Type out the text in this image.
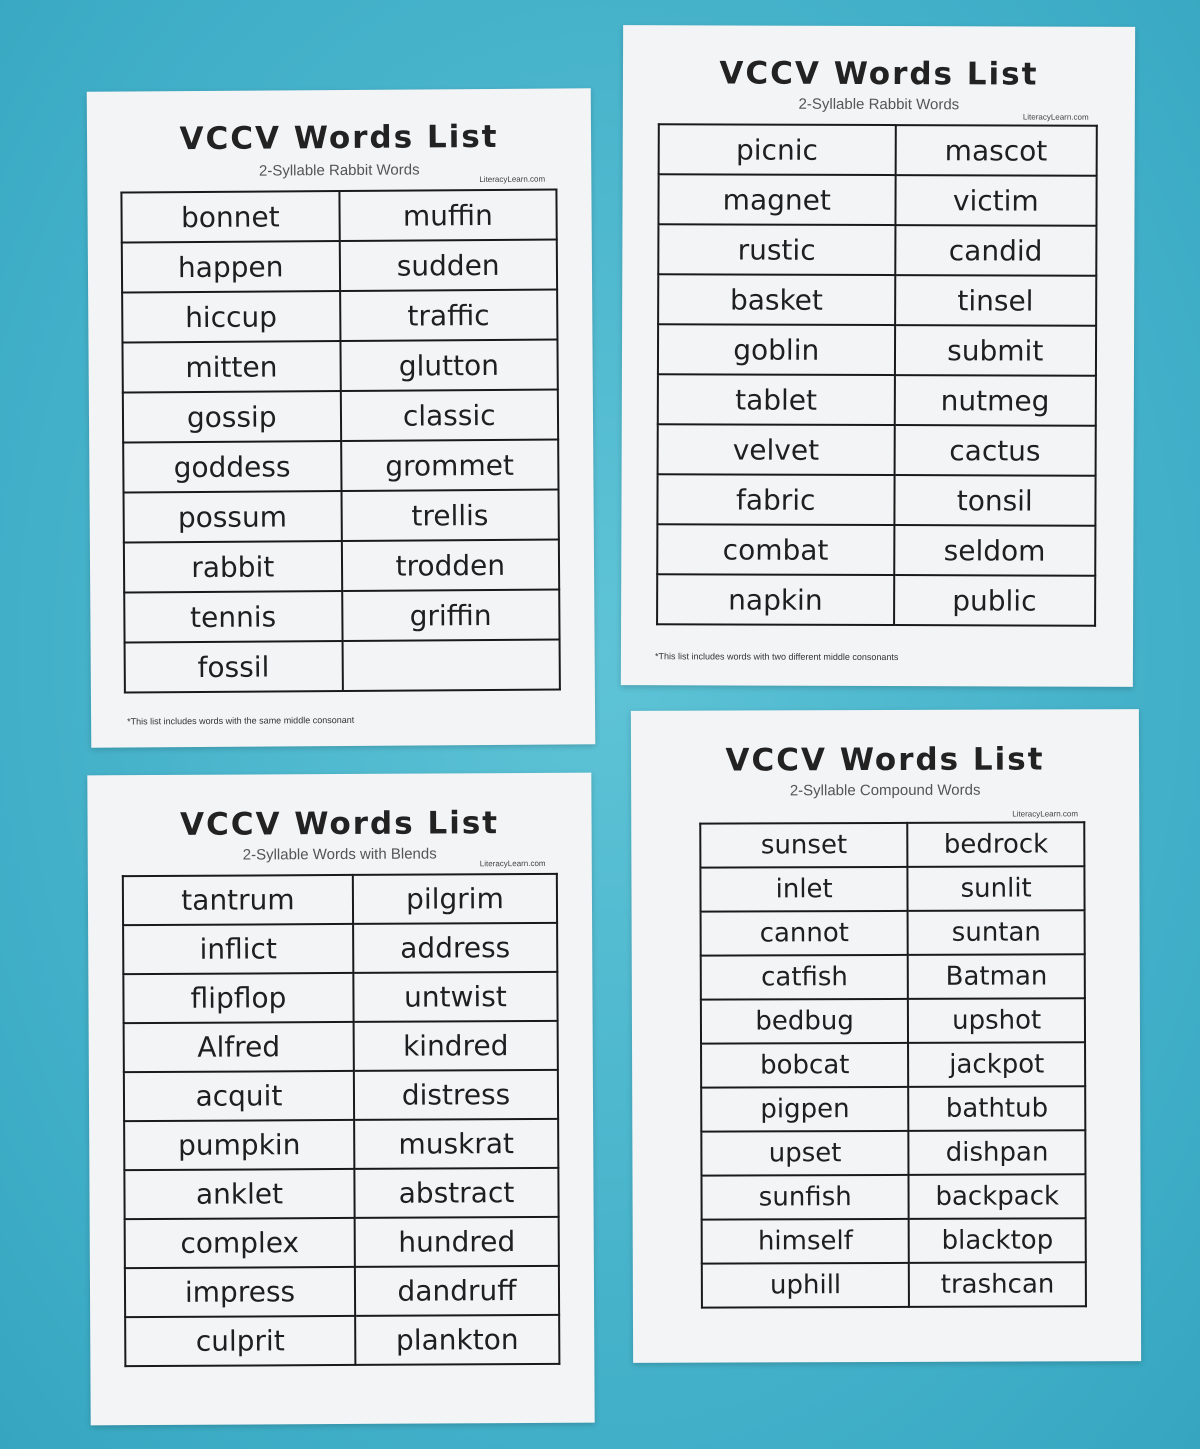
VCCV Words List
2-Syllable Rabbit Words	LiteracyLearn.com
bonnet	muffin
happen	sudden
hiccup	traffic
mitten	glutton
gossip	classic
goddess	grommet
possum	trellis
rabbit	trodden
tennis	griffin
fossil	
*This list includes words with the same middle consonant
VCCV Words List
2-Syllable Rabbit Words
LiteracyLearn.com
picnic	mascot
magnet	victim
rustic	candid
basket	tinsel
goblin	submit
tablet	nutmeg
velvet	cactus
fabric	tonsil
combat	seldom
napkin	public
*This list includes words with two different middle consonants
VCCV Words List
2-Syllable Words with Blends
LiteracyLearn.com
tantrum	pilgrim
inflict	address
flipflop	untwist
Alfred	kindred
acquit	distress
pumpkin	muskrat
anklet	abstract
complex	hundred
impress	dandruff
culprit	plankton
VCCV Words List
2-Syllable Compound Words
LiteracyLearn.com
sunset	bedrock
inlet	sunlit
cannot	suntan
catfish	Batman
bedbug	upshot
bobcat	jackpot
pigpen	bathtub
upset	dishpan
sunfish	backpack
himself	blacktop
uphill	trashcan
